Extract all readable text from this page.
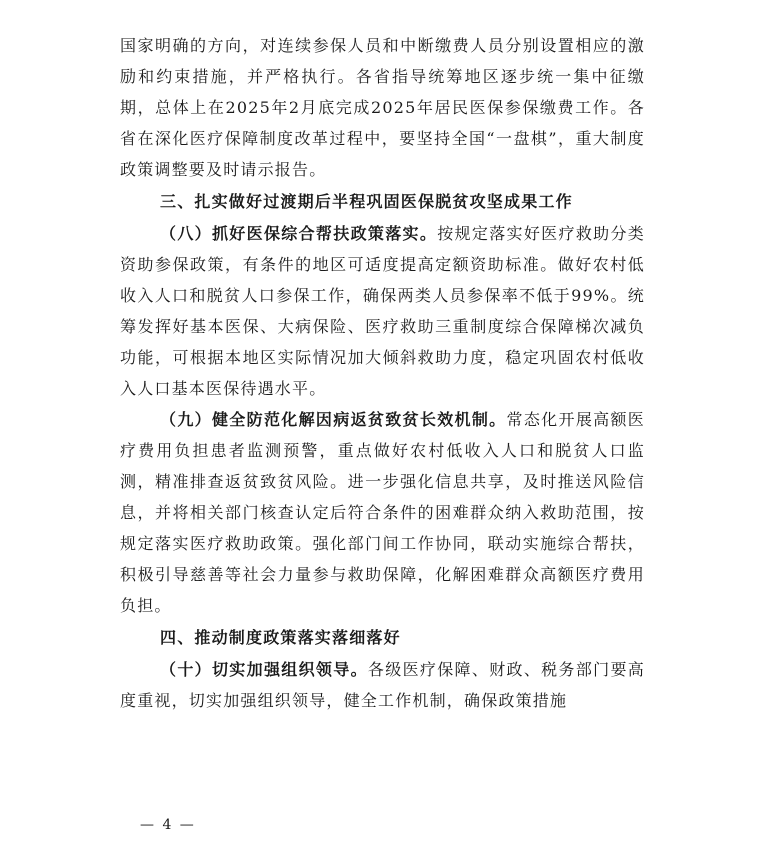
国家明确的方向，对连续参保人员和中断缴费人员分别设置相应的激励和约束措施，并严格执行。各省指导统筹地区逐步统一集中征缴期，总体上在2025年2月底完成2025年居民医保参保缴费工作。各省在深化医疗保障制度改革过程中，要坚持全国“一盘棋”，重大制度政策调整要及时请示报告。

三、扎实做好过渡期后半程巩固医保脱贫攻坚成果工作

（八）抓好医保综合帮扶政策落实。按规定落实好医疗救助分类资助参保政策，有条件的地区可适度提高定额资助标准。做好农村低收入人口和脱贫人口参保工作，确保两类人员参保率不低于99%。统筹发挥好基本医保、大病保险、医疗救助三重制度综合保障梯次减负功能，可根据本地区实际情况加大倾斜救助力度，稳定巩固农村低收入人口基本医保待遇水平。

（九）健全防范化解因病返贫致贫长效机制。常态化开展高额医疗费用负担患者监测预警，重点做好农村低收入人口和脱贫人口监测，精准排查返贫致贫风险。进一步强化信息共享，及时推送风险信息，并将相关部门核查认定后符合条件的困难群众纳入救助范围，按规定落实医疗救助政策。强化部门间工作协同，联动实施综合帮扶，积极引导慈善等社会力量参与救助保障，化解困难群众高额医疗费用负担。

四、推动制度政策落实落细落好

（十）切实加强组织领导。各级医疗保障、财政、税务部门要高度重视，切实加强组织领导，健全工作机制，确保政策措施

— 4 —
